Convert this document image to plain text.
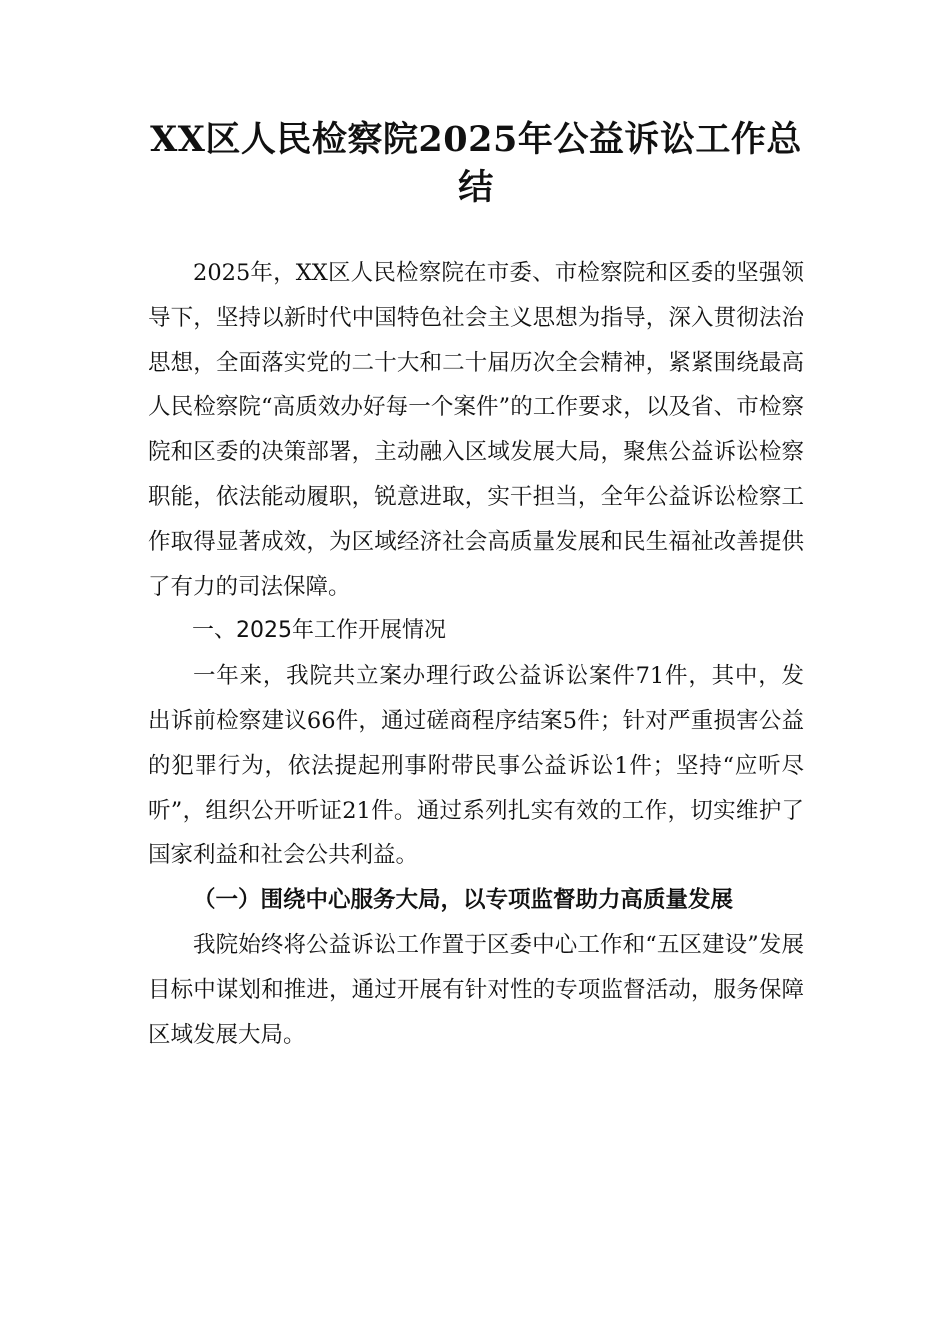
XX区人民检察院2025年公益诉讼工作总结

2025年，XX区人民检察院在市委、市检察院和区委的坚强领导下，坚持以新时代中国特色社会主义思想为指导，深入贯彻法治思想，全面落实党的二十大和二十届历次全会精神，紧紧围绕最高人民检察院“高质效办好每一个案件”的工作要求，以及省、市检察院和区委的决策部署，主动融入区域发展大局，聚焦公益诉讼检察职能，依法能动履职，锐意进取，实干担当，全年公益诉讼检察工作取得显著成效，为区域经济社会高质量发展和民生福祉改善提供了有力的司法保障。

一、2025年工作开展情况

一年来，我院共立案办理行政公益诉讼案件71件，其中，发出诉前检察建议66件，通过磋商程序结案5件；针对严重损害公益的犯罪行为，依法提起刑事附带民事公益诉讼1件；坚持“应听尽听”，组织公开听证21件。通过系列扎实有效的工作，切实维护了国家利益和社会公共利益。

（一）围绕中心服务大局，以专项监督助力高质量发展

我院始终将公益诉讼工作置于区委中心工作和“五区建设”发展目标中谋划和推进，通过开展有针对性的专项监督活动，服务保障区域发展大局。
